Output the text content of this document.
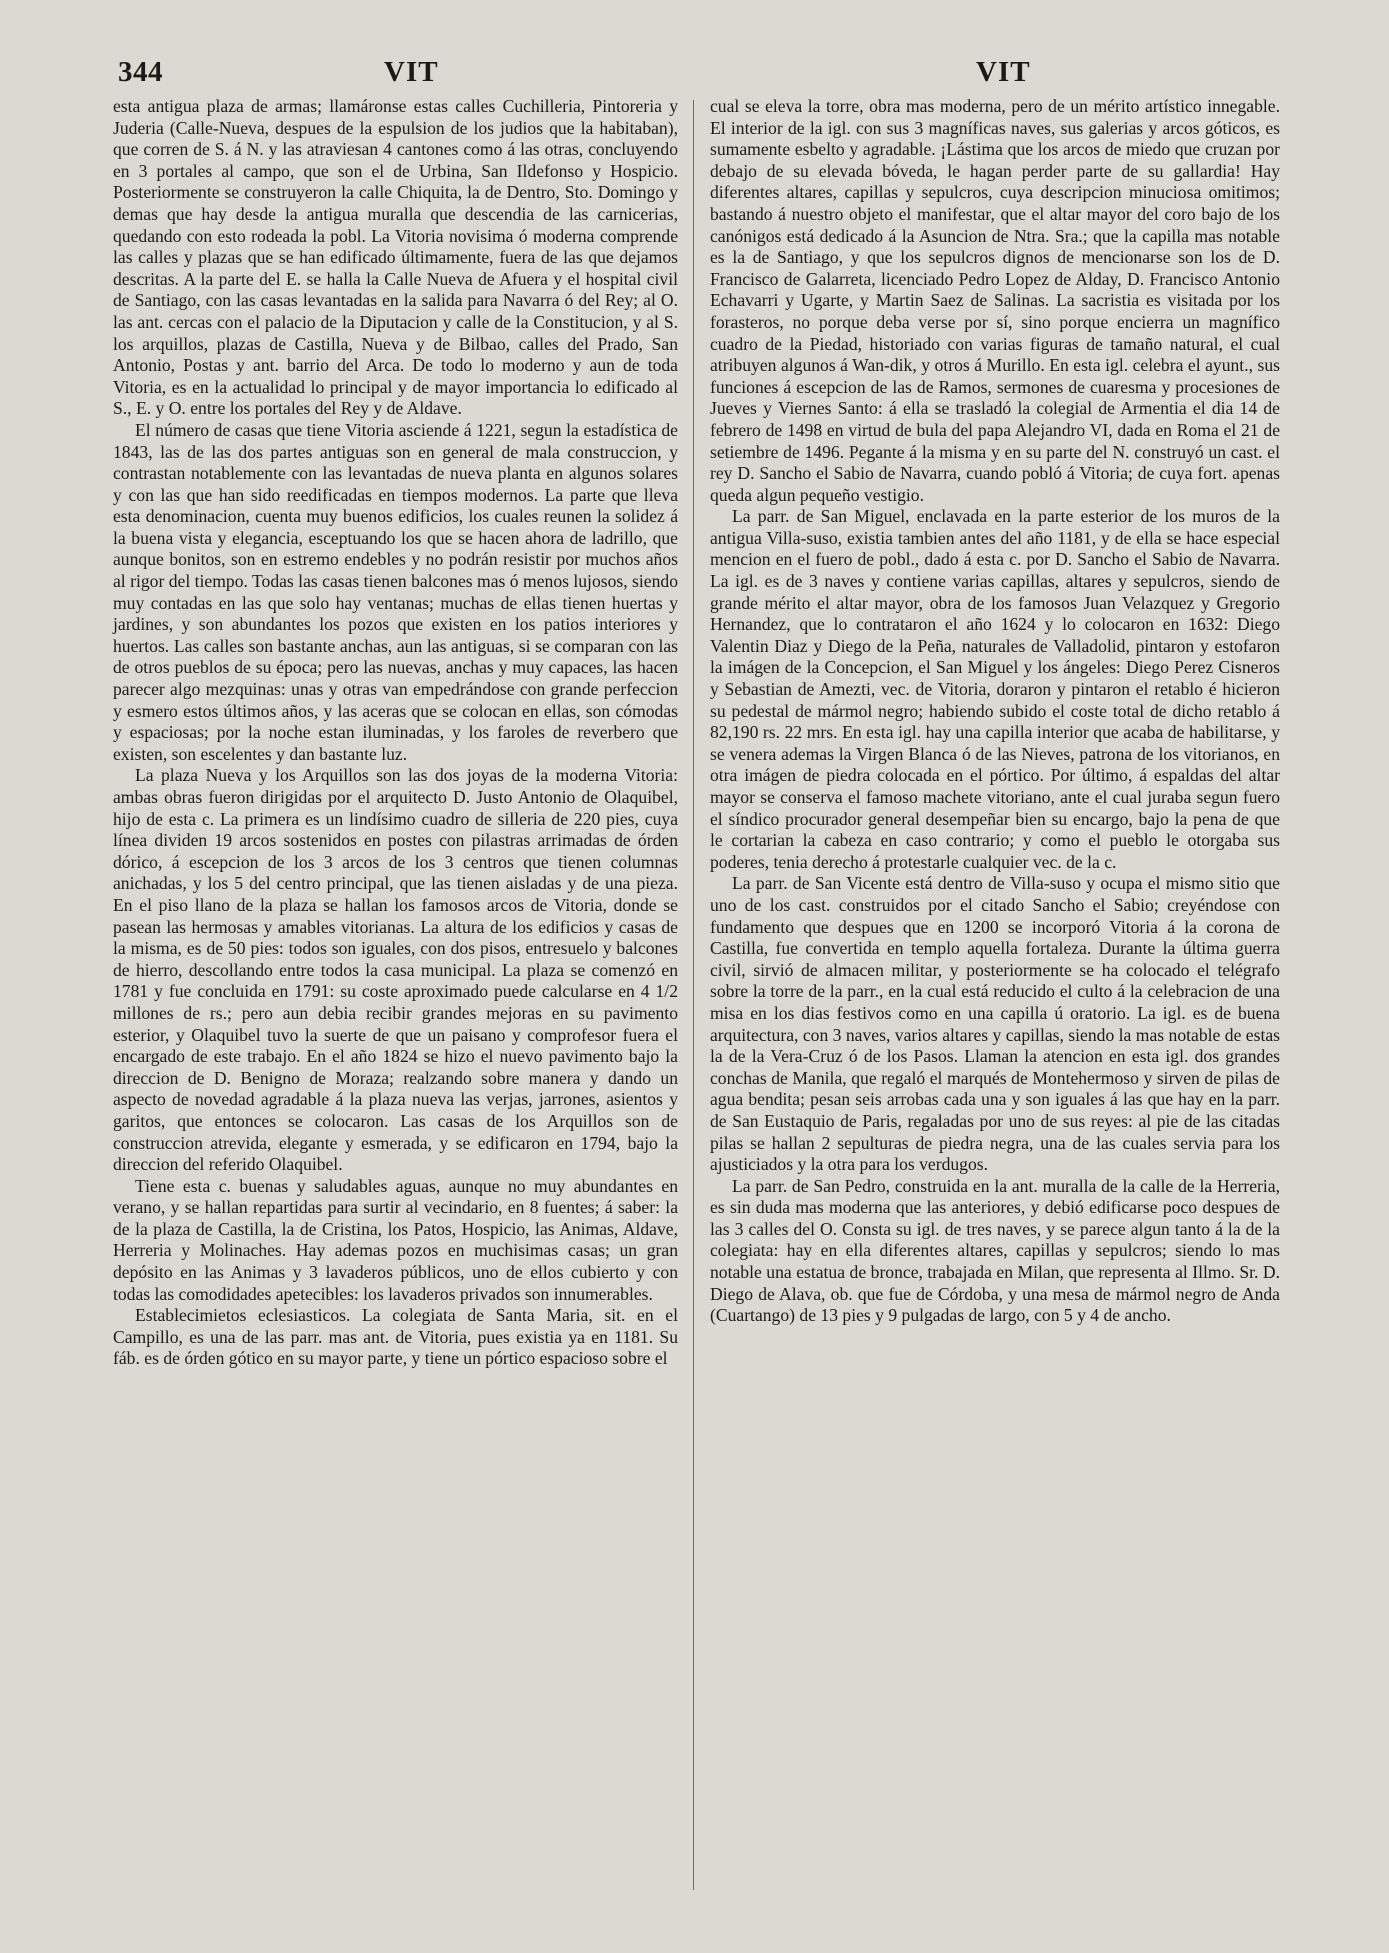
344	VIT	VIT

esta antigua plaza de armas; llamáronse estas calles Cuchilleria, Pintoreria y Juderia (Calle-Nueva, despues de la espulsion de los judios que la habitaban), que corren de S. á N. y las atraviesan 4 cantones como á las otras, concluyendo en 3 portales al campo, que son el de Urbina, San Ildefonso y Hospicio. Posteriormente se construyeron la calle Chiquita, la de Dentro, Sto. Domingo y demas que hay desde la antigua muralla que descendia de las carnicerias, quedando con esto rodeada la pobl. La Vitoria novisima ó moderna comprende las calles y plazas que se han edificado últimamente, fuera de las que dejamos descritas. A la parte del E. se halla la Calle Nueva de Afuera y el hospital civil de Santiago, con las casas levantadas en la salida para Navarra ó del Rey; al O. las ant. cercas con el palacio de la Diputacion y calle de la Constitucion, y al S. los arquillos, plazas de Castilla, Nueva y de Bilbao, calles del Prado, San Antonio, Postas y ant. barrio del Arca. De todo lo moderno y aun de toda Vitoria, es en la actualidad lo principal y de mayor importancia lo edificado al S., E. y O. entre los portales del Rey y de Aldave.

El número de casas que tiene Vitoria asciende á 1221, segun la estadística de 1843, las de las dos partes antiguas son en general de mala construccion, y contrastan notablemente con las levantadas de nueva planta en algunos solares y con las que han sido reedificadas en tiempos modernos. La parte que lleva esta denominacion, cuenta muy buenos edificios, los cuales reunen la solidez á la buena vista y elegancia, esceptuando los que se hacen ahora de ladrillo, que aunque bonitos, son en estremo endebles y no podrán resistir por muchos años al rigor del tiempo. Todas las casas tienen balcones mas ó menos lujosos, siendo muy contadas en las que solo hay ventanas; muchas de ellas tienen huertas y jardines, y son abundantes los pozos que existen en los patios interiores y huertos. Las calles son bastante anchas, aun las antiguas, si se comparan con las de otros pueblos de su época; pero las nuevas, anchas y muy capaces, las hacen parecer algo mezquinas: unas y otras van empedrándose con grande perfeccion y esmero estos últimos años, y las aceras que se colocan en ellas, son cómodas y espaciosas; por la noche estan iluminadas, y los faroles de reverbero que existen, son escelentes y dan bastante luz.

La plaza Nueva y los Arquillos son las dos joyas de la moderna Vitoria: ambas obras fueron dirigidas por el arquitecto D. Justo Antonio de Olaquibel, hijo de esta c. La primera es un lindísimo cuadro de silleria de 220 pies, cuya línea dividen 19 arcos sostenidos en postes con pilastras arrimadas de órden dórico, á escepcion de los 3 arcos de los 3 centros que tienen columnas anichadas, y los 5 del centro principal, que las tienen aisladas y de una pieza. En el piso llano de la plaza se hallan los famosos arcos de Vitoria, donde se pasean las hermosas y amables vitorianas. La altura de los edificios y casas de la misma, es de 50 pies: todos son iguales, con dos pisos, entresuelo y balcones de hierro, descollando entre todos la casa municipal. La plaza se comenzó en 1781 y fue concluida en 1791: su coste aproximado puede calcularse en 4 1/2 millones de rs.; pero aun debia recibir grandes mejoras en su pavimento esterior, y Olaquibel tuvo la suerte de que un paisano y comprofesor fuera el encargado de este trabajo. En el año 1824 se hizo el nuevo pavimento bajo la direccion de D. Benigno de Moraza; realzando sobre manera y dando un aspecto de novedad agradable á la plaza nueva las verjas, jarrones, asientos y garitos, que entonces se colocaron. Las casas de los Arquillos son de construccion atrevida, elegante y esmerada, y se edificaron en 1794, bajo la direccion del referido Olaquibel.

Tiene esta c. buenas y saludables aguas, aunque no muy abundantes en verano, y se hallan repartidas para surtir al vecindario, en 8 fuentes; á saber: la de la plaza de Castilla, la de Cristina, los Patos, Hospicio, las Animas, Aldave, Herreria y Molinaches. Hay ademas pozos en muchisimas casas; un gran depósito en las Animas y 3 lavaderos públicos, uno de ellos cubierto y con todas las comodidades apetecibles: los lavaderos privados son innumerables.

Establecimietos eclesiasticos. La colegiata de Santa Maria, sit. en el Campillo, es una de las parr. mas ant. de Vitoria, pues existia ya en 1181. Su fáb. es de órden gótico en su mayor parte, y tiene un pórtico espacioso sobre el

cual se eleva la torre, obra mas moderna, pero de un mérito artístico innegable. El interior de la igl. con sus 3 magníficas naves, sus galerias y arcos góticos, es sumamente esbelto y agradable. ¡Lástima que los arcos de miedo que cruzan por debajo de su elevada bóveda, le hagan perder parte de su gallardia! Hay diferentes altares, capillas y sepulcros, cuya descripcion minuciosa omitimos; bastando á nuestro objeto el manifestar, que el altar mayor del coro bajo de los canónigos está dedicado á la Asuncion de Ntra. Sra.; que la capilla mas notable es la de Santiago, y que los sepulcros dignos de mencionarse son los de D. Francisco de Galarreta, licenciado Pedro Lopez de Alday, D. Francisco Antonio Echavarri y Ugarte, y Martin Saez de Salinas. La sacristia es visitada por los forasteros, no porque deba verse por sí, sino porque encierra un magnífico cuadro de la Piedad, historiado con varias figuras de tamaño natural, el cual atribuyen algunos á Wan-dik, y otros á Murillo. En esta igl. celebra el ayunt., sus funciones á escepcion de las de Ramos, sermones de cuaresma y procesiones de Jueves y Viernes Santo: á ella se trasladó la colegial de Armentia el dia 14 de febrero de 1498 en virtud de bula del papa Alejandro VI, dada en Roma el 21 de setiembre de 1496. Pegante á la misma y en su parte del N. construyó un cast. el rey D. Sancho el Sabio de Navarra, cuando pobló á Vitoria; de cuya fort. apenas queda algun pequeño vestigio.

La parr. de San Miguel, enclavada en la parte esterior de los muros de la antigua Villa-suso, existia tambien antes del año 1181, y de ella se hace especial mencion en el fuero de pobl., dado á esta c. por D. Sancho el Sabio de Navarra. La igl. es de 3 naves y contiene varias capillas, altares y sepulcros, siendo de grande mérito el altar mayor, obra de los famosos Juan Velazquez y Gregorio Hernandez, que lo contrataron el año 1624 y lo colocaron en 1632: Diego Valentin Diaz y Diego de la Peña, naturales de Valladolid, pintaron y estofaron la imágen de la Concepcion, el San Miguel y los ángeles: Diego Perez Cisneros y Sebastian de Amezti, vec. de Vitoria, doraron y pintaron el retablo é hicieron su pedestal de mármol negro; habiendo subido el coste total de dicho retablo á 82,190 rs. 22 mrs. En esta igl. hay una capilla interior que acaba de habilitarse, y se venera ademas la Virgen Blanca ó de las Nieves, patrona de los vitorianos, en otra imágen de piedra colocada en el pórtico. Por último, á espaldas del altar mayor se conserva el famoso machete vitoriano, ante el cual juraba segun fuero el síndico procurador general desempeñar bien su encargo, bajo la pena de que le cortarian la cabeza en caso contrario; y como el pueblo le otorgaba sus poderes, tenia derecho á protestarle cualquier vec. de la c.

La parr. de San Vicente está dentro de Villa-suso y ocupa el mismo sitio que uno de los cast. construidos por el citado Sancho el Sabio; creyéndose con fundamento que despues que en 1200 se incorporó Vitoria á la corona de Castilla, fue convertida en templo aquella fortaleza. Durante la última guerra civil, sirvió de almacen militar, y posteriormente se ha colocado el telégrafo sobre la torre de la parr., en la cual está reducido el culto á la celebracion de una misa en los dias festivos como en una capilla ú oratorio. La igl. es de buena arquitectura, con 3 naves, varios altares y capillas, siendo la mas notable de estas la de la Vera-Cruz ó de los Pasos. Llaman la atencion en esta igl. dos grandes conchas de Manila, que regaló el marqués de Montehermoso y sirven de pilas de agua bendita; pesan seis arrobas cada una y son iguales á las que hay en la parr. de San Eustaquio de Paris, regaladas por uno de sus reyes: al pie de las citadas pilas se hallan 2 sepulturas de piedra negra, una de las cuales servia para los ajusticiados y la otra para los verdugos.

La parr. de San Pedro, construida en la ant. muralla de la calle de la Herreria, es sin duda mas moderna que las anteriores, y debió edificarse poco despues de las 3 calles del O. Consta su igl. de tres naves, y se parece algun tanto á la de la colegiata: hay en ella diferentes altares, capillas y sepulcros; siendo lo mas notable una estatua de bronce, trabajada en Milan, que representa al Illmo. Sr. D. Diego de Alava, ob. que fue de Córdoba, y una mesa de mármol negro de Anda (Cuartango) de 13 pies y 9 pulgadas de largo, con 5 y 4 de ancho.
